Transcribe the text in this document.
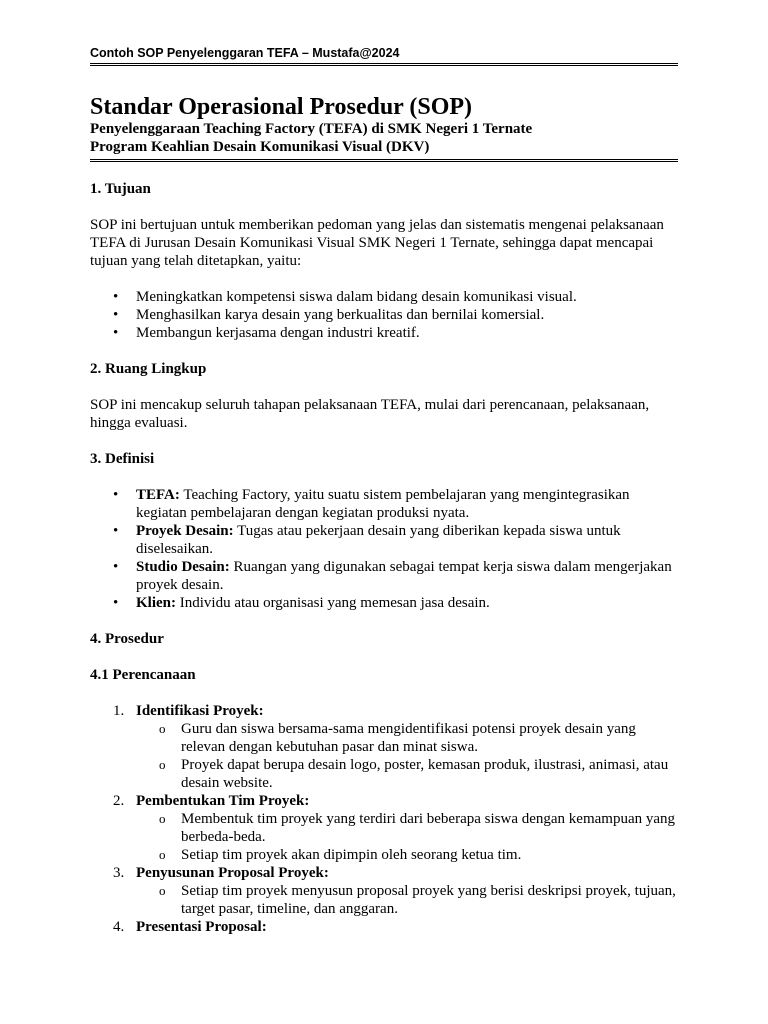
Contoh SOP Penyelenggaran TEFA – Mustafa@2024
Standar Operasional Prosedur (SOP)
Penyelenggaraan Teaching Factory (TEFA) di SMK Negeri 1 Ternate
Program Keahlian Desain Komunikasi Visual (DKV)
1. Tujuan
SOP ini bertujuan untuk memberikan pedoman yang jelas dan sistematis mengenai pelaksanaan TEFA di Jurusan Desain Komunikasi Visual SMK Negeri 1 Ternate, sehingga dapat mencapai tujuan yang telah ditetapkan, yaitu:
• Meningkatkan kompetensi siswa dalam bidang desain komunikasi visual.
• Menghasilkan karya desain yang berkualitas dan bernilai komersial.
• Membangun kerjasama dengan industri kreatif.
2. Ruang Lingkup
SOP ini mencakup seluruh tahapan pelaksanaan TEFA, mulai dari perencanaan, pelaksanaan, hingga evaluasi.
3. Definisi
• TEFA: Teaching Factory, yaitu suatu sistem pembelajaran yang mengintegrasikan kegiatan pembelajaran dengan kegiatan produksi nyata.
• Proyek Desain: Tugas atau pekerjaan desain yang diberikan kepada siswa untuk diselesaikan.
• Studio Desain: Ruangan yang digunakan sebagai tempat kerja siswa dalam mengerjakan proyek desain.
• Klien: Individu atau organisasi yang memesan jasa desain.
4. Prosedur
4.1 Perencanaan
1. Identifikasi Proyek:
o Guru dan siswa bersama-sama mengidentifikasi potensi proyek desain yang relevan dengan kebutuhan pasar dan minat siswa.
o Proyek dapat berupa desain logo, poster, kemasan produk, ilustrasi, animasi, atau desain website.
2. Pembentukan Tim Proyek:
o Membentuk tim proyek yang terdiri dari beberapa siswa dengan kemampuan yang berbeda-beda.
o Setiap tim proyek akan dipimpin oleh seorang ketua tim.
3. Penyusunan Proposal Proyek:
o Setiap tim proyek menyusun proposal proyek yang berisi deskripsi proyek, tujuan, target pasar, timeline, dan anggaran.
4. Presentasi Proposal:
